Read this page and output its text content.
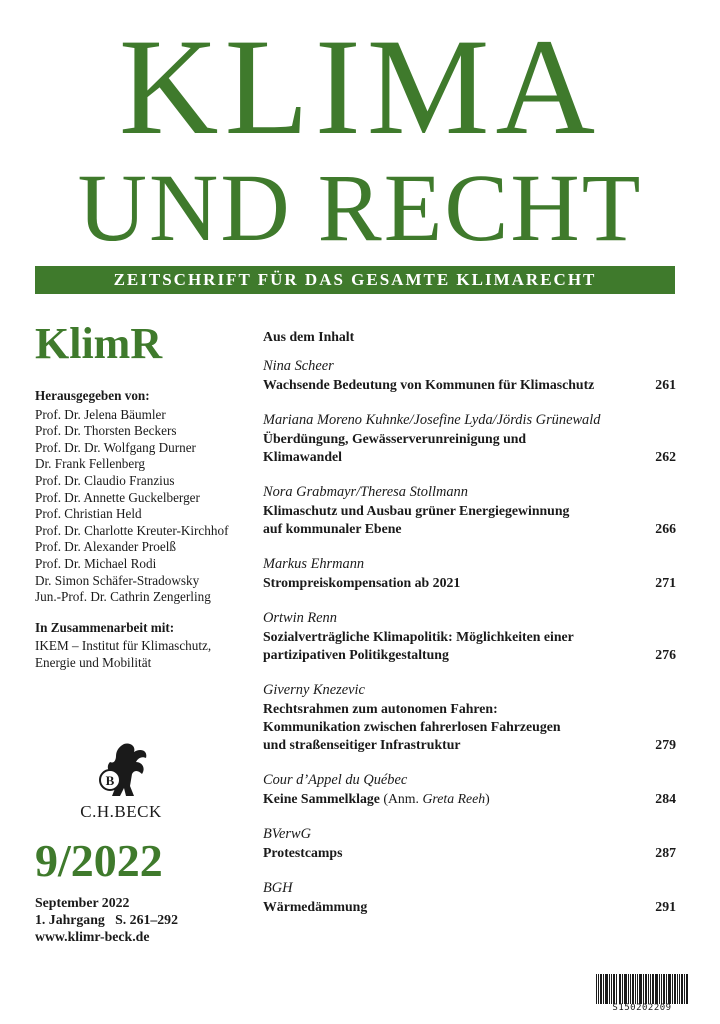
KLIMA
UND RECHT
ZEITSCHRIFT FÜR DAS GESAMTE KLIMARECHT
KlimR
Herausgegeben von:
Prof. Dr. Jelena Bäumler
Prof. Dr. Thorsten Beckers
Prof. Dr. Dr. Wolfgang Durner
Dr. Frank Fellenberg
Prof. Dr. Claudio Franzius
Prof. Dr. Annette Guckelberger
Prof. Christian Held
Prof. Dr. Charlotte Kreuter-Kirchhof
Prof. Dr. Alexander Proelß
Prof. Dr. Michael Rodi
Dr. Simon Schäfer-Stradowsky
Jun.-Prof. Dr. Cathrin Zengerling
In Zusammenarbeit mit:
IKEM – Institut für Klimaschutz,
Energie und Mobilität
B
C.H.BECK
9/2022
September 2022
1. Jahrgang   S. 261–292
www.klimr-beck.de
Aus dem Inhalt
Nina Scheer
Wachsende Bedeutung von Kommunen für Klimaschutz	261
Mariana Moreno Kuhnke/Josefine Lyda/Jördis Grünewald
Überdüngung, Gewässerverunreinigung und
Klimawandel	262
Nora Grabmayr/Theresa Stollmann
Klimaschutz und Ausbau grüner Energiegewinnung
auf kommunaler Ebene	266
Markus Ehrmann
Strompreiskompensation ab 2021	271
Ortwin Renn
Sozialverträgliche Klimapolitik: Möglichkeiten einer
partizipativen Politikgestaltung	276
Giverny Knezevic
Rechtsrahmen zum autonomen Fahren:
Kommunikation zwischen fahrerlosen Fahrzeugen
und straßenseitiger Infrastruktur	279
Cour d’Appel du Québec
Keine Sammelklage (Anm. Greta Reeh)	284
BVerwG
Protestcamps	287
BGH
Wärmedämmung	291
S150202209
